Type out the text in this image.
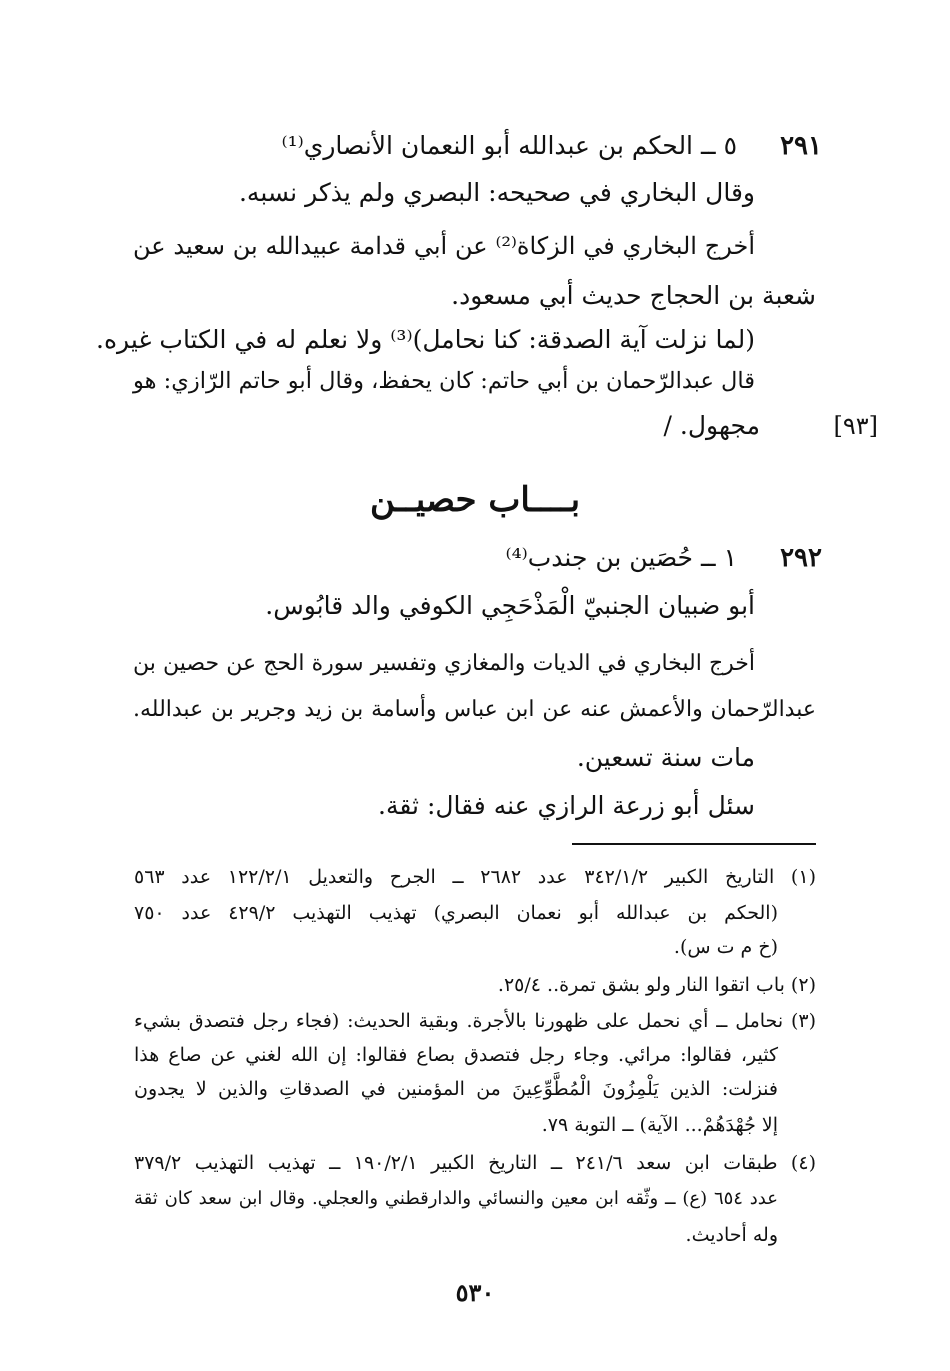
٢٩١
٥ ــ الحكم بن عبدالله أبو النعمان الأنصاري⁽¹⁾
وقال البخاري في صحيحه: البصري ولم يذكر نسبه.
أخرج البخاري في الزكاة⁽²⁾ عن أبي قدامة عبيدالله بن سعيد عن
شعبة بن الحجاج حديث أبي مسعود.
(لما نزلت آية الصدقة: كنا نحامل)⁽³⁾ ولا نعلم له في الكتاب غيره.
قال عبدالرّحمان بن أبي حاتم: كان يحفظ، وقال أبو حاتم الرّازي: هو
مجهول. /	[٩٣]
بــــاب حصيــن
٢٩٢
١ ــ حُصَين بن جندب⁽⁴⁾
أبو ضبيان الجنبيّ الْمَذْحَجِي الكوفي والد قابُوس.
أخرج البخاري في الديات والمغازي وتفسير سورة الحج عن حصين بن
عبدالرّحمان والأعمش عنه عن ابن عباس وأسامة بن زيد وجرير بن عبدالله.
مات سنة تسعين.
سئل أبو زرعة الرازي عنه فقال: ثقة.
(١) التاريخ الكبير ٣٤٢/١/٢ عدد ٢٦٨٢ ــ الجرح والتعديل ١٢٢/٢/١ عدد ٥٦٣
(الحكم بن عبدالله أبو نعمان البصري) تهذيب التهذيب ٤٢٩/٢ عدد ٧٥٠
(خ م ت س).
(٢) باب اتقوا النار ولو بشق تمرة.. ٢٥/٤.
(٣) نحامل ــ أي نحمل على ظهورنا بالأجرة. وبقية الحديث: (فجاء رجل فتصدق بشيء
كثير، فقالوا: مرائي. وجاء رجل فتصدق بصاع فقالوا: إن الله لغني عن صاع هذا
فنزلت: الذين يَلْمِزُونَ الْمُطَّوِّعِينَ من المؤمنين في الصدقاتِ والذين لا يجدون
إلا جُهْدَهُمْ... الآية) ــ التوبة ٧٩.
(٤) طبقات ابن سعد ٢٤١/٦ ــ التاريخ الكبير ١٩٠/٢/١ ــ تهذيب التهذيب ٣٧٩/٢
عدد ٦٥٤ (ع) ــ وثّقه ابن معين والنسائي والدارقطني والعجلي. وقال ابن سعد كان ثقة
وله أحاديث.
٥٣٠
